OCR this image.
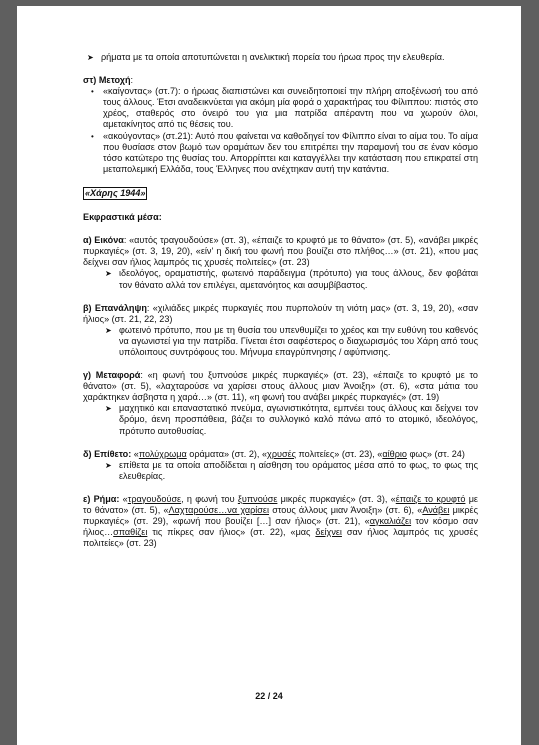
➤ ρήματα με τα οποία αποτυπώνεται η ανελικτική πορεία του ήρωα προς την ελευθερία.

στ) Μετοχή:

• «καίγοντας» (στ.7): ο ήρωας διαπιστώνει και συνειδητοποιεί την πλήρη αποξένωσή του από τους άλλους. Έτσι αναδεικνύεται για ακόμη μία φορά ο χαρακτήρας του Φίλιππου: πιστός στο χρέος, σταθερός στο όνειρό του για μια πατρίδα απέραντη που να χωρούν όλοι, αμετακίνητος από τις θέσεις του.
• «ακούγοντας» (στ.21): Αυτό που φαίνεται να καθοδηγεί τον Φίλιππο είναι το αίμα του. Το αίμα που θυσίασε στον βωμό των οραμάτων δεν του επιτρέπει την παραμονή του σε έναν κόσμο τόσο κατώτερο της θυσίας του. Απορρίπτει και καταγγέλλει την κατάσταση που επικρατεί στη μεταπολεμική Ελλάδα, τους Έλληνες που ανέχτηκαν αυτή την κατάντια.

«Χάρης 1944»

Εκφραστικά μέσα:

α) Εικόνα: «αυτός τραγουδούσε» (στ. 3), «έπαιζε το κρυφτό με το θάνατο» (στ. 5), «ανάβει μικρές πυρκαγιές» (στ. 3, 19, 20), «είν' η δική του φωνή που βουίζει στο πλήθος…» (στ. 21), «που μας δείχνει σαν ήλιος λαμπρός τις χρυσές πολιτείες» (στ. 23)

➤ ιδεολόγος, οραματιστής, φωτεινό παράδειγμα (πρότυπο) για τους άλλους, δεν φοβάται τον θάνατο αλλά τον επιλέγει, αμετανόητος και ασυμβίβαστος.

β) Επανάληψη: «χιλιάδες μικρές πυρκαγιές που πυρπολούν τη νιότη μας» (στ. 3, 19, 20), «σαν ήλιος» (στ. 21, 22, 23)

➤ φωτεινό πρότυπο, που με τη θυσία του υπενθυμίζει το χρέος και την ευθύνη του καθενός να αγωνιστεί για την πατρίδα. Γίνεται έτσι σαφέστερος ο διαχωρισμός του Χάρη από τους υπόλοιπους συντρόφους του. Μήνυμα επαγρύπνησης / αφύπνισης.

γ) Μεταφορά: «η φωνή του ξυπνούσε μικρές πυρκαγιές» (στ. 23), «έπαιζε το κρυφτό με το θάνατο» (στ. 5), «λαχταρούσε να χαρίσει στους άλλους μιαν Άνοιξη» (στ. 6), «στα μάτια του χαράκτηκεν άσβηστα η χαρά…» (στ. 11), «η φωνή του ανάβει μικρές πυρκαγιές» (στ. 19)

➤ μαχητικό και επαναστατικό πνεύμα, αγωνιστικότητα, εμπνέει τους άλλους και δείχνει τον δρόμο, άενη προσπάθεια, βάζει το συλλογικό καλό πάνω από το ατομικό, ιδεολόγος, πρότυπο αυτοθυσίας.

δ) Επίθετο: «πολύχρωμα οράματα» (στ. 2), «χρυσές πολιτείες» (στ. 23), «αίθριο φως» (στ. 24)

➤ επίθετα με τα οποία αποδίδεται η αίσθηση του οράματος μέσα από το φως, το φως της ελευθερίας.

ε) Ρήμα: «τραγουδούσε, η φωνή του ξυπνούσε μικρές πυρκαγιές» (στ. 3), «έπαιζε το κρυφτό με το θάνατο» (στ. 5), «Λαχταρούσε…να χαρίσει στους άλλους μιαν Άνοιξη» (στ. 6), «Ανάβει μικρές πυρκαγιές» (στ. 29), «φωνή που βουίζει […] σαν ήλιος» (στ. 21), «αγκαλιάζει τον κόσμο σαν ήλιος…σπαθίζει τις πίκρες σαν ήλιος» (στ. 22), «μας δείχνει σαν ήλιος λαμπρός τις χρυσές πολιτείες» (στ. 23)

22 / 24
